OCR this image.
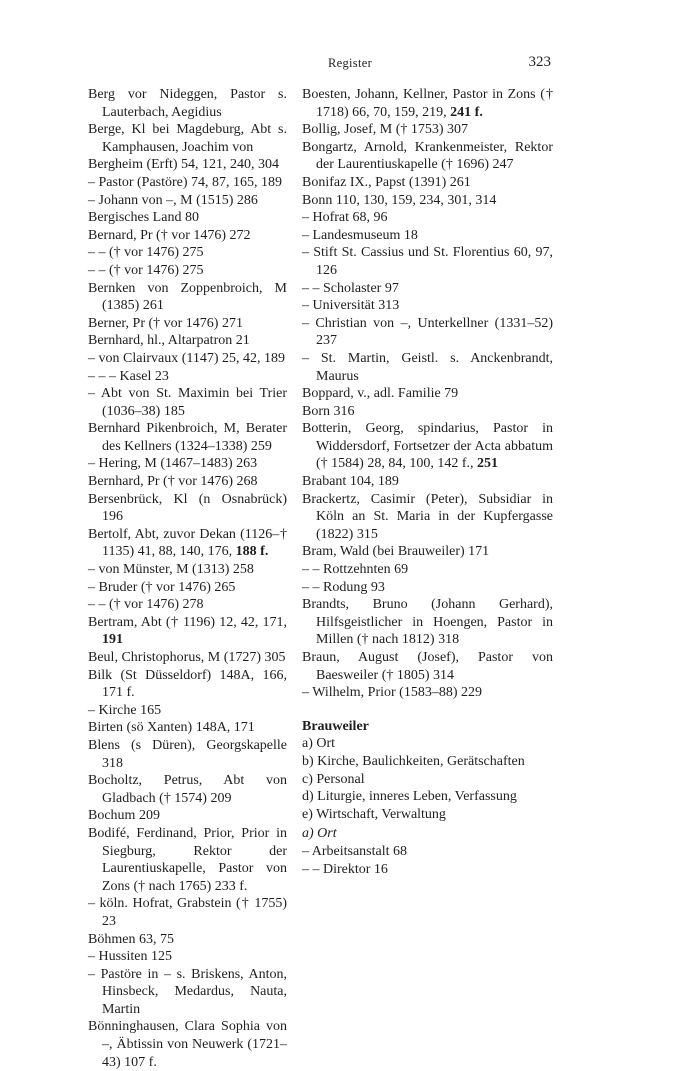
Register	323

Berg vor Nideggen, Pastor s. Lauterbach, Aegidius

Berge, Kl bei Magdeburg, Abt s. Kamphausen, Joachim von

Bergheim (Erft) 54, 121, 240, 304

– Pastor (Pastöre) 74, 87, 165, 189

– Johann von –, M (1515) 286

Bergisches Land 80

Bernard, Pr († vor 1476) 272

– – († vor 1476) 275

– – († vor 1476) 275

Bernken von Zoppenbroich, M (1385) 261

Berner, Pr († vor 1476) 271

Bernhard, hl., Altarpatron 21

– von Clairvaux (1147) 25, 42, 189

– – – Kasel 23

– Abt von St. Maximin bei Trier (1036–38) 185

Bernhard Pikenbroich, M, Berater des Kellners (1324–1338) 259

– Hering, M (1467–1483) 263

Bernhard, Pr († vor 1476) 268

Bersenbrück, Kl (n Osnabrück) 196

Bertolf, Abt, zuvor Dekan (1126–† 1135) 41, 88, 140, 176, 188 f.

– von Münster, M (1313) 258

– Bruder († vor 1476) 265

– – († vor 1476) 278

Bertram, Abt († 1196) 12, 42, 171, 191

Beul, Christophorus, M (1727) 305

Bilk (St Düsseldorf) 148A, 166, 171 f.

– Kirche 165

Birten (sö Xanten) 148A, 171

Blens (s Düren), Georgskapelle 318

Bocholtz, Petrus, Abt von Gladbach († 1574) 209

Bochum 209

Bodifé, Ferdinand, Prior, Prior in Siegburg, Rektor der Laurentiuskapelle, Pastor von Zons († nach 1765) 233 f.

– köln. Hofrat, Grabstein († 1755) 23

Böhmen 63, 75

– Hussiten 125

– Pastöre in – s. Briskens, Anton, Hinsbeck, Medardus, Nauta, Martin

Bönninghausen, Clara Sophia von –, Äbtissin von Neuwerk (1721–43) 107 f.

Boesten, Johann, Kellner, Pastor in Zons († 1718) 66, 70, 159, 219, 241 f.

Bollig, Josef, M († 1753) 307

Bongartz, Arnold, Krankenmeister, Rektor der Laurentiuskapelle († 1696) 247

Bonifaz IX., Papst (1391) 261

Bonn 110, 130, 159, 234, 301, 314

– Hofrat 68, 96

– Landesmuseum 18

– Stift St. Cassius und St. Florentius 60, 97, 126

– – Scholaster 97

– Universität 313

– Christian von –, Unterkellner (1331–52) 237

– St. Martin, Geistl. s. Anckenbrandt, Maurus

Boppard, v., adl. Familie 79

Born 316

Botterin, Georg, spindarius, Pastor in Widdersdorf, Fortsetzer der Acta abbatum († 1584) 28, 84, 100, 142 f., 251

Brabant 104, 189

Brackertz, Casimir (Peter), Subsidiar in Köln an St. Maria in der Kupfergasse (1822) 315

Bram, Wald (bei Brauweiler) 171

– – Rottzehnten 69

– – Rodung 93

Brandts, Bruno (Johann Gerhard), Hilfsgeistlicher in Hoengen, Pastor in Millen († nach 1812) 318

Braun, August (Josef), Pastor von Baesweiler († 1805) 314

– Wilhelm, Prior (1583–88) 229

Brauweiler

a) Ort

b) Kirche, Baulichkeiten, Gerätschaften

c) Personal

d) Liturgie, inneres Leben, Verfassung

e) Wirtschaft, Verwaltung

a) Ort

– Arbeitsanstalt 68

– – Direktor 16
